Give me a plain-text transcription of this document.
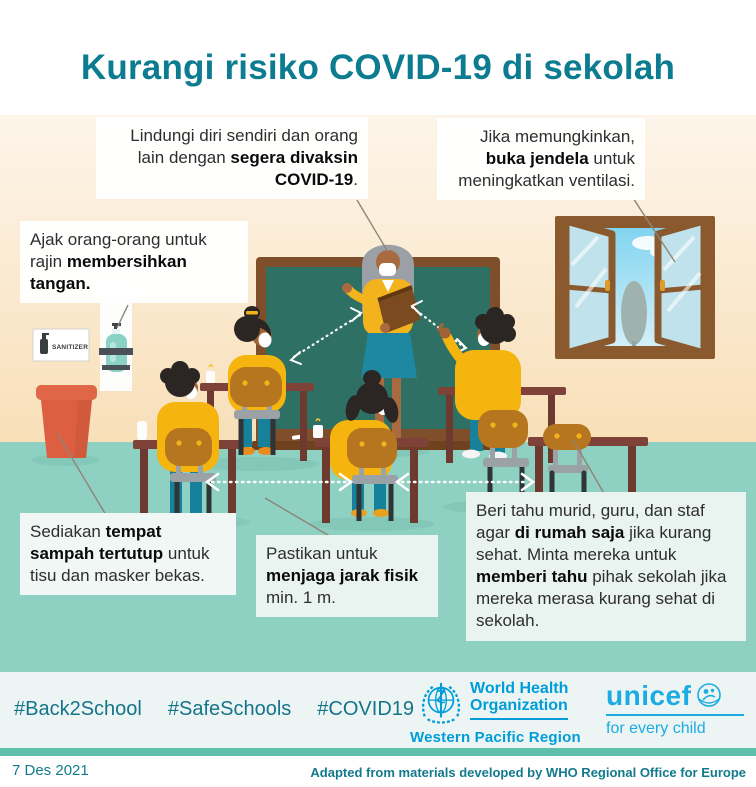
Kurangi risiko COVID-19 di sekolah
SANITIZER
Lindungi diri sendiri dan orang lain dengan segera divaksin COVID-19.
Jika memungkinkan, buka jendela untuk meningkatkan ventilasi.
Ajak orang-orang untuk rajin membersihkan tangan.
Sediakan tempat sampah tertutup untuk tisu dan masker bekas.
Pastikan untuk menjaga jarak fisik min. 1 m.
Beri tahu murid, guru, dan staf agar di rumah saja jika kurang sehat. Minta mereka untuk memberi tahu pihak sekolah jika mereka merasa kurang sehat di sekolah.
7 Des 2021	Adapted from materials developed by WHO Regional Office for Europe
#Back2School #SafeSchools #COVID19
World Health
Organization
Western Pacific Region
unicef
for every child
